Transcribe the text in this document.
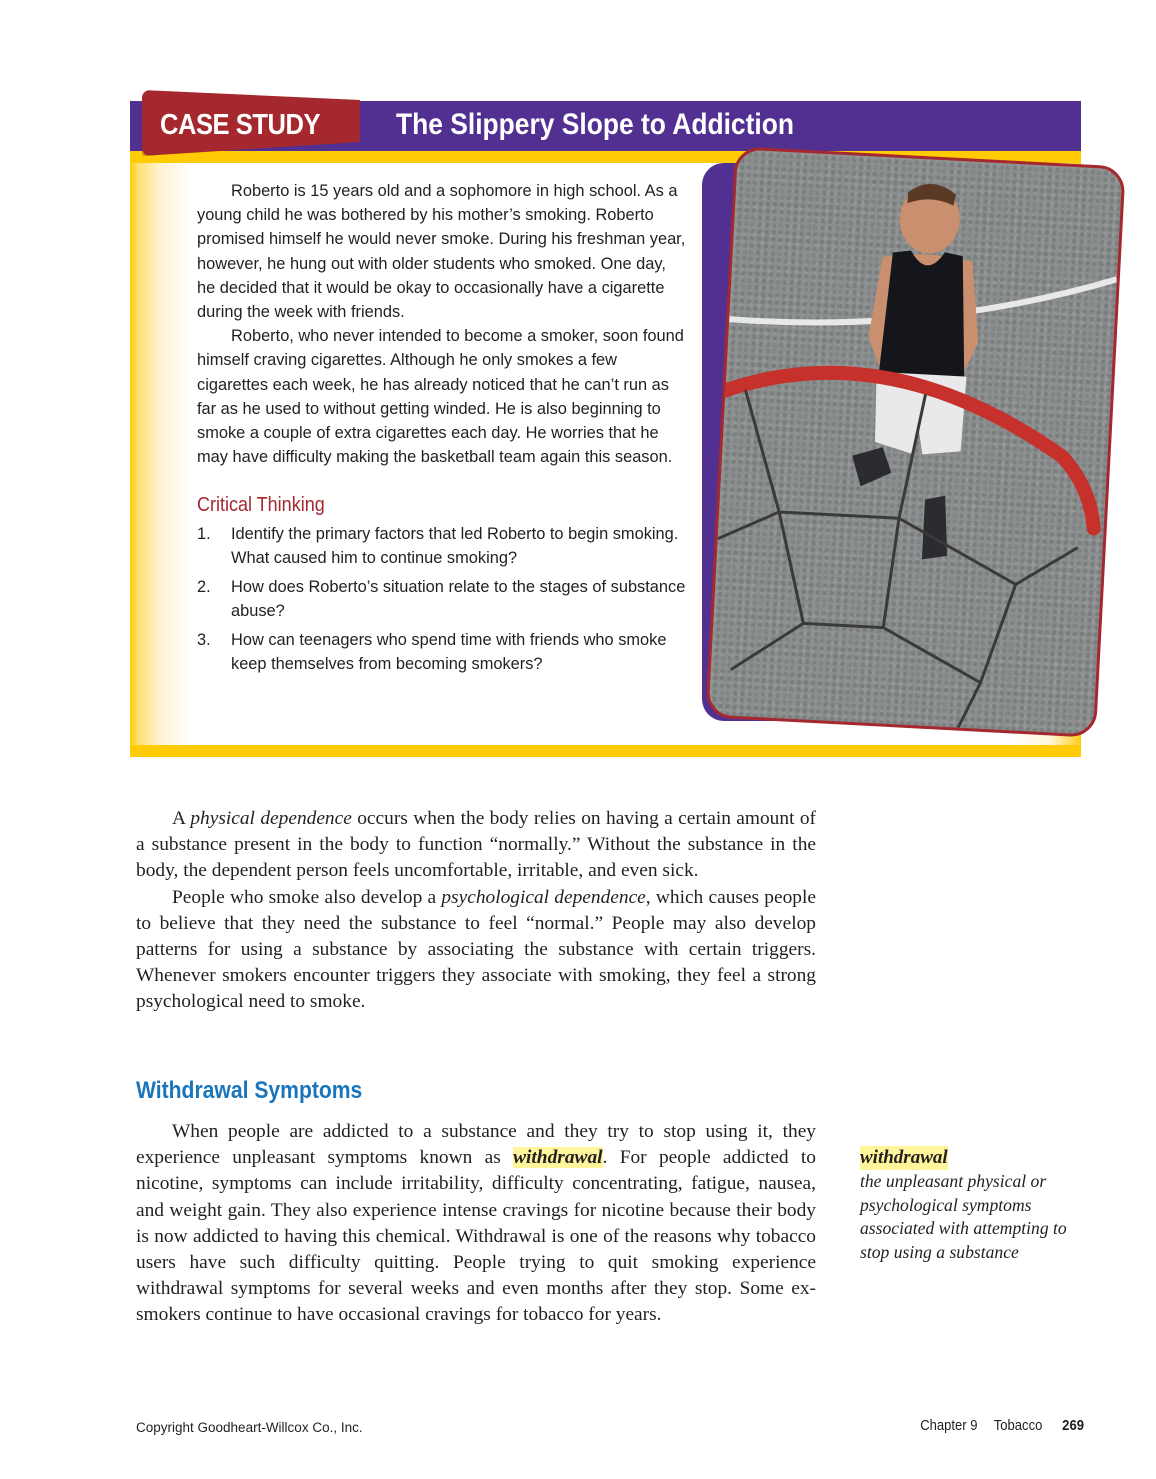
CASE STUDY	The Slippery Slope to Addiction

Roberto is 15 years old and a sophomore in high school. As a young child he was bothered by his mother’s smoking. Roberto promised himself he would never smoke. During his freshman year, however, he hung out with older students who smoked. One day, he decided that it would be okay to occasionally have a cigarette during the week with friends.

Roberto, who never intended to become a smoker, soon found himself craving cigarettes. Although he only smokes a few cigarettes each week, he has already noticed that he can’t run as far as he used to without getting winded. He is also beginning to smoke a couple of extra cigarettes each day. He worries that he may have difficulty making the basketball team again this season.

Critical Thinking
1. Identify the primary factors that led Roberto to begin smoking. What caused him to continue smoking?
2. How does Roberto’s situation relate to the stages of substance abuse?
3. How can teenagers who spend time with friends who smoke keep themselves from becoming smokers?

A physical dependence occurs when the body relies on having a certain amount of a substance present in the body to function “normally.” Without the substance in the body, the dependent person feels uncomfortable, irritable, and even sick.

People who smoke also develop a psychological dependence, which causes people to believe that they need the substance to feel “normal.” People may also develop patterns for using a substance by associating the substance with certain triggers. Whenever smokers encounter triggers they associate with smoking, they feel a strong psychological need to smoke.

Withdrawal Symptoms

When people are addicted to a substance and they try to stop using it, they experience unpleasant symptoms known as withdrawal. For people addicted to nicotine, symptoms can include irritability, difficulty concentrating, fatigue, nausea, and weight gain. They also experience intense cravings for nicotine because their body is now addicted to having this chemical. Withdrawal is one of the reasons why tobacco users have such difficulty quitting. People trying to quit smoking experience withdrawal symptoms for several weeks and even months after they stop. Some ex-smokers continue to have occasional cravings for tobacco for years.

withdrawal
the unpleasant physical or psychological symptoms associated with attempting to stop using a substance
Copyright Goodheart-Willcox Co., Inc.	Chapter 9 Tobacco 269
